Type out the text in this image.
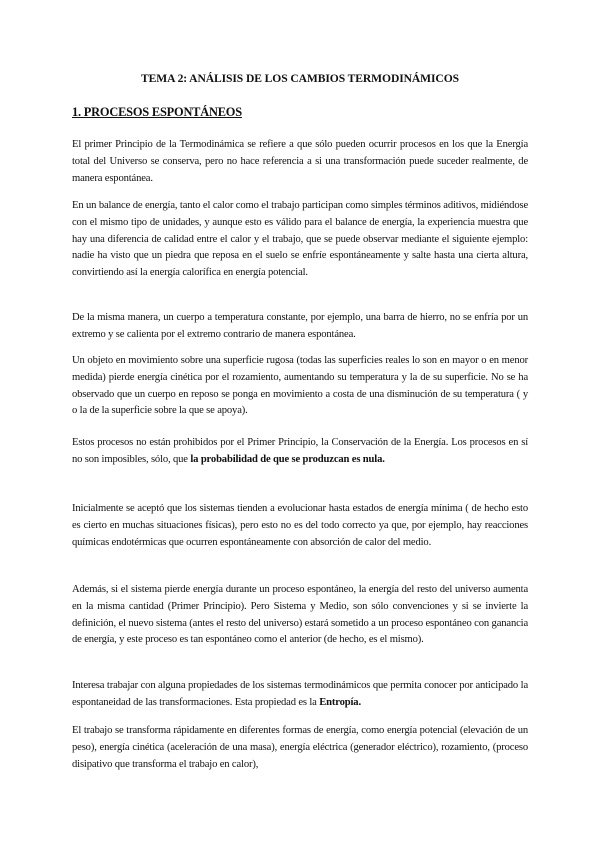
TEMA 2: ANÁLISIS DE LOS CAMBIOS TERMODINÁMICOS
1. PROCESOS ESPONTÁNEOS

El primer Principio de la Termodinámica se refiere a que sólo pueden ocurrir procesos en los que la Energía total del Universo se conserva, pero no hace referencia a si una transformación puede suceder realmente, de manera espontánea.

En un balance de energía, tanto el calor como el trabajo participan como simples términos aditivos, midiéndose con el mismo tipo de unidades, y aunque esto es válido para el balance de energía, la experiencia muestra que hay una diferencia de calidad entre el calor y el trabajo, que se puede observar mediante el siguiente ejemplo: nadie ha visto que un piedra que reposa en el suelo se enfríe espontáneamente y salte hasta una cierta altura, convirtiendo así la energía calorífica en energía potencial.

De la misma manera, un cuerpo a temperatura constante, por ejemplo, una barra de hierro, no se enfría por un extremo y se calienta por el extremo contrario de manera espontánea.

Un objeto en movimiento sobre una superficie rugosa (todas las superficies reales lo son en mayor o en menor medida) pierde energía cinética por el rozamiento, aumentando su temperatura y la de su superficie. No se ha observado que un cuerpo en reposo se ponga en movimiento a costa de una disminución de su temperatura ( y o la de la superficie sobre la que se apoya).

Estos procesos no están prohibidos por el Primer Principio, la Conservación de la Energía. Los procesos en sí no son imposibles, sólo, que la probabilidad de que se produzcan es nula.

Inicialmente se aceptó que los sistemas tienden a evolucionar hasta estados de energía mínima ( de hecho esto es cierto en muchas situaciones físicas), pero esto no es del todo correcto ya que, por ejemplo, hay reacciones químicas endotérmicas que ocurren espontáneamente con absorción de calor del medio.

Además, si el sistema pierde energía durante un proceso espontáneo, la energía del resto del universo aumenta en la misma cantidad (Primer Principio). Pero Sistema y Medio, son sólo convenciones y si se invierte la definición, el nuevo sistema (antes el resto del universo) estará sometido a un proceso espontáneo con ganancia de energía, y este proceso es tan espontáneo como el anterior (de hecho, es el mismo).

Interesa trabajar con alguna propiedades de los sistemas termodinámicos que permita conocer por anticipado la espontaneidad de las transformaciones. Esta propiedad es la Entropía.

El trabajo se transforma rápidamente en diferentes formas de energía, como energía potencial (elevación de un peso), energía cinética (aceleración de una masa), energía eléctrica (generador eléctrico), rozamiento, (proceso disipativo que transforma el trabajo en calor),
